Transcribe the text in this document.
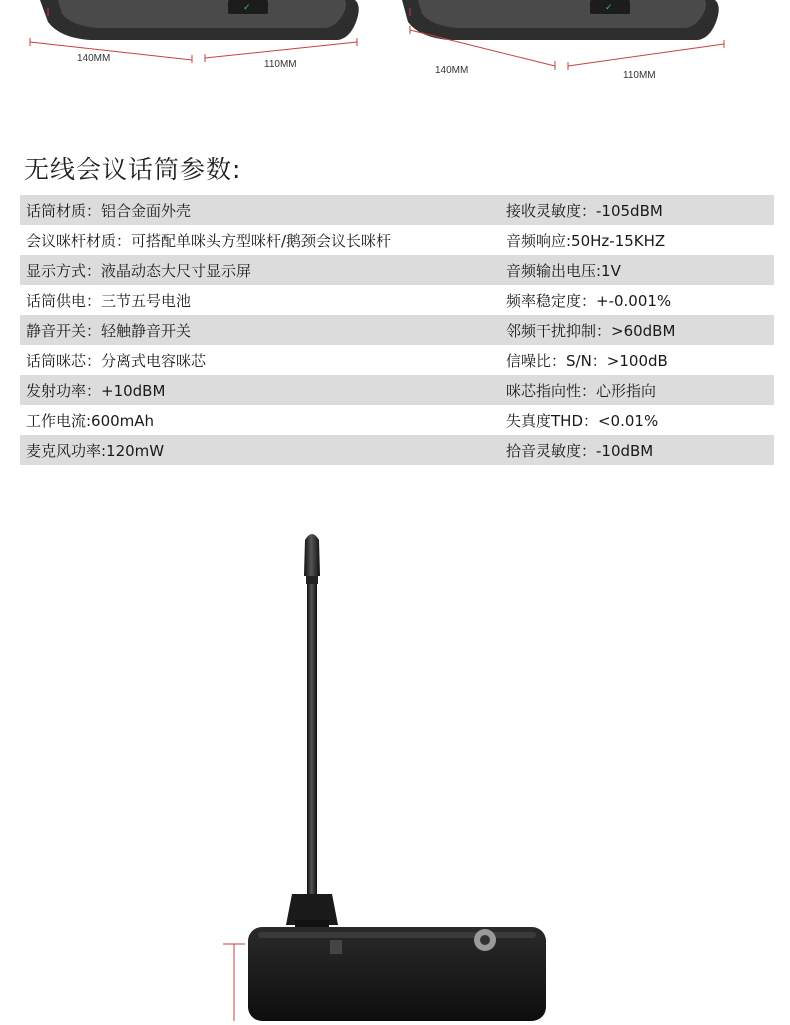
✓	✓
140MM
110MM
140MM	110MM
无线会议话筒参数:
话筒材质：铝合金面外壳	接收灵敏度：-105dBM
会议咪杆材质：可搭配单咪头方型咪杆/鹅颈会议长咪杆	音频响应:50Hz-15KHZ
显示方式：液晶动态大尺寸显示屏	音频输出电压:1V
话筒供电：三节五号电池	频率稳定度：+-0.001%
静音开关：轻触静音开关	邻频干扰抑制：>60dBM
话筒咪芯：分离式电容咪芯	信噪比：S/N：>100dB
发射功率：+10dBM	咪芯指向性：心形指向
工作电流:600mAh	失真度THD：<0.01%
麦克风功率:120mW	拾音灵敏度：-10dBM
